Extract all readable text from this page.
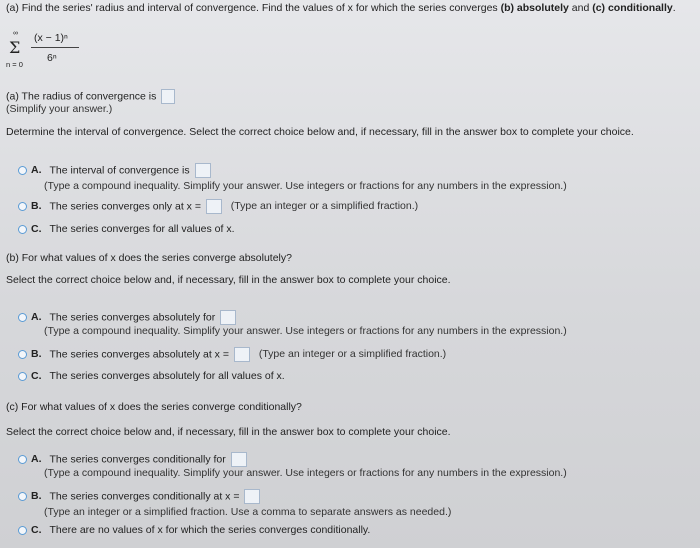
(a) Find the series' radius and interval of convergence. Find the values of x for which the series converges (b) absolutely and (c) conditionally.
∞
Σ
n = 0
(x − 1)ⁿ
6ⁿ
(a) The radius of convergence is
(Simplify your answer.)
Determine the interval of convergence. Select the correct choice below and, if necessary, fill in the answer box to complete your choice.
A. The interval of convergence is
(Type a compound inequality. Simplify your answer. Use integers or fractions for any numbers in the expression.)
B. The series converges only at x =	(Type an integer or a simplified fraction.)
C. The series converges for all values of x.
(b) For what values of x does the series converge absolutely?
Select the correct choice below and, if necessary, fill in the answer box to complete your choice.
A. The series converges absolutely for
(Type a compound inequality. Simplify your answer. Use integers or fractions for any numbers in the expression.)
B. The series converges absolutely at x =	(Type an integer or a simplified fraction.)
C. The series converges absolutely for all values of x.
(c) For what values of x does the series converge conditionally?
Select the correct choice below and, if necessary, fill in the answer box to complete your choice.
A. The series converges conditionally for
(Type a compound inequality. Simplify your answer. Use integers or fractions for any numbers in the expression.)
B. The series converges conditionally at x =
(Type an integer or a simplified fraction. Use a comma to separate answers as needed.)
C. There are no values of x for which the series converges conditionally.
